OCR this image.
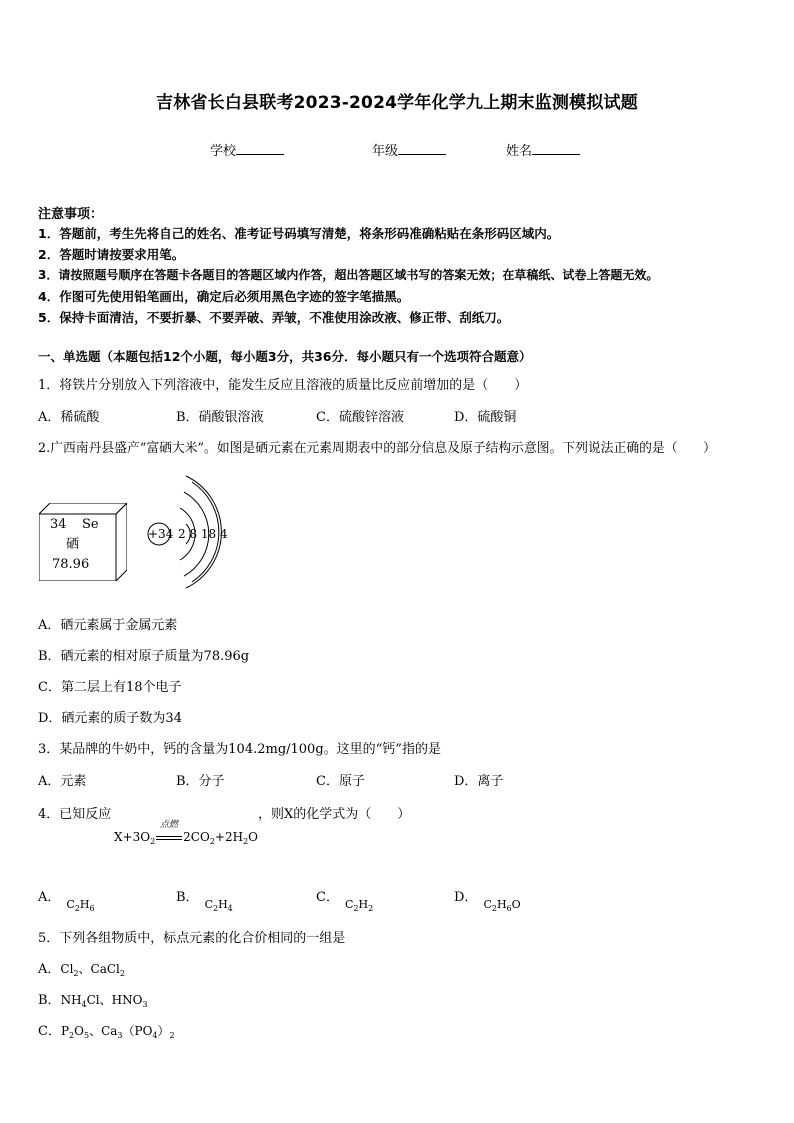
吉林省长白县联考2023-2024学年化学九上期末监测模拟试题
学校	年级	姓名
注意事项：
1．答题前，考生先将自己的姓名、准考证号码填写清楚，将条形码准确粘贴在条形码区域内。
2．答题时请按要求用笔。
3．请按照题号顺序在答题卡各题目的答题区域内作答，超出答题区域书写的答案无效；在草稿纸、试卷上答题无效。
4．作图可先使用铅笔画出，确定后必须用黑色字迹的签字笔描黑。
5．保持卡面清洁，不要折暴、不要弄破、弄皱，不准使用涂改液、修正带、刮纸刀。
一、单选题（本题包括12个小题，每小题3分，共36分．每小题只有一个选项符合题意）
1．将铁片分别放入下列溶液中，能发生反应且溶液的质量比反应前增加的是（　　）
A．稀硫酸	B．硝酸银溶液	C．硫酸锌溶液	D．硫酸铜
2.广西南丹县盛产“富硒大米”。如图是硒元素在元素周期表中的部分信息及原子结构示意图。下列说法正确的是（　　）
34 Se
硒
78.96
+34 2 8 18 4
A．硒元素属于金属元素
B．硒元素的相对原子质量为78.96g
C．第二层上有18个电子
D．硒元素的质子数为34
3．某品牌的牛奶中，钙的含量为104.2mg/100g。这里的“钙”指的是
A．元素	B．分子	C．原子	D．离子
4．已知反应	，则X的化学式为（　　）
点燃
$X+3O_2$ $2CO_2+2H_2O$
A． $_{C_2H_6}$
B． $_{C_2H_4}$
C． $_{C_2H_2}$
D． $_{C_2H_6O}$
5．下列各组物质中，标点元素的化合价相同的一组是
A．$Cl_2$、CaCl$_2$
B．$NH_4Cl$、$HNO_3$
C．$P_2O_5$、$Ca_3(PO_4)_2$
